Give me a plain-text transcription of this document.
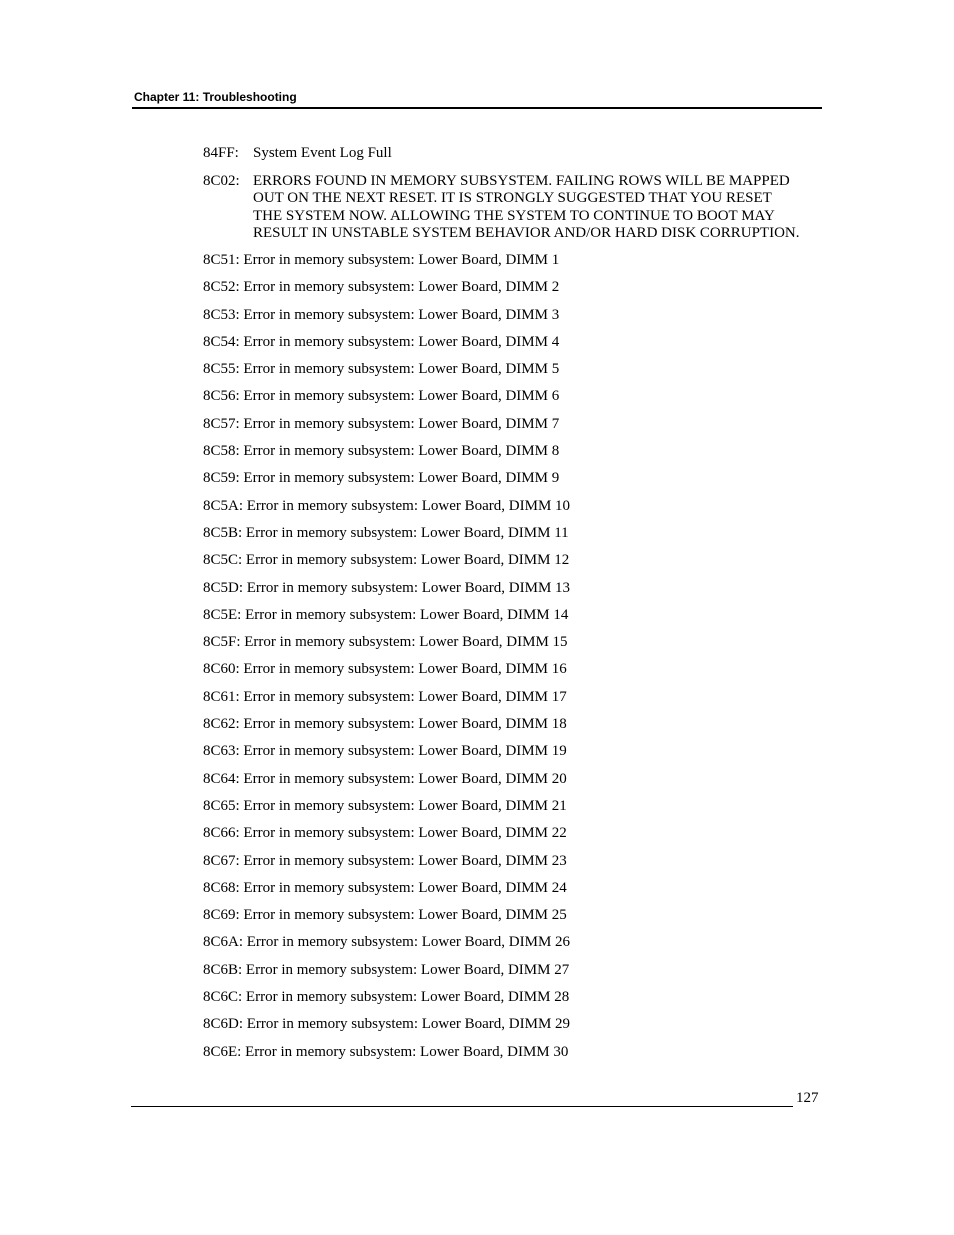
Chapter 11: Troubleshooting
84FF: System Event Log Full
8C02: ERRORS FOUND IN MEMORY SUBSYSTEM. FAILING ROWS WILL BE MAPPED OUT ON THE NEXT RESET. IT IS STRONGLY SUGGESTED THAT YOU RESET THE SYSTEM NOW. ALLOWING THE SYSTEM TO CONTINUE TO BOOT MAY RESULT IN UNSTABLE SYSTEM BEHAVIOR AND/OR HARD DISK CORRUPTION.
8C51: Error in memory subsystem: Lower Board, DIMM 1
8C52: Error in memory subsystem: Lower Board, DIMM 2
8C53: Error in memory subsystem: Lower Board, DIMM 3
8C54: Error in memory subsystem: Lower Board, DIMM 4
8C55: Error in memory subsystem: Lower Board, DIMM 5
8C56: Error in memory subsystem: Lower Board, DIMM 6
8C57: Error in memory subsystem: Lower Board, DIMM 7
8C58: Error in memory subsystem: Lower Board, DIMM 8
8C59: Error in memory subsystem: Lower Board, DIMM 9
8C5A: Error in memory subsystem: Lower Board, DIMM 10
8C5B: Error in memory subsystem: Lower Board, DIMM 11
8C5C: Error in memory subsystem: Lower Board, DIMM 12
8C5D: Error in memory subsystem: Lower Board, DIMM 13
8C5E: Error in memory subsystem: Lower Board, DIMM 14
8C5F: Error in memory subsystem: Lower Board, DIMM 15
8C60: Error in memory subsystem: Lower Board, DIMM 16
8C61: Error in memory subsystem: Lower Board, DIMM 17
8C62: Error in memory subsystem: Lower Board, DIMM 18
8C63: Error in memory subsystem: Lower Board, DIMM 19
8C64: Error in memory subsystem: Lower Board, DIMM 20
8C65: Error in memory subsystem: Lower Board, DIMM 21
8C66: Error in memory subsystem: Lower Board, DIMM 22
8C67: Error in memory subsystem: Lower Board, DIMM 23
8C68: Error in memory subsystem: Lower Board, DIMM 24
8C69: Error in memory subsystem: Lower Board, DIMM 25
8C6A: Error in memory subsystem: Lower Board, DIMM 26
8C6B: Error in memory subsystem: Lower Board, DIMM 27
8C6C: Error in memory subsystem: Lower Board, DIMM 28
8C6D: Error in memory subsystem: Lower Board, DIMM 29
8C6E: Error in memory subsystem: Lower Board, DIMM 30
127
